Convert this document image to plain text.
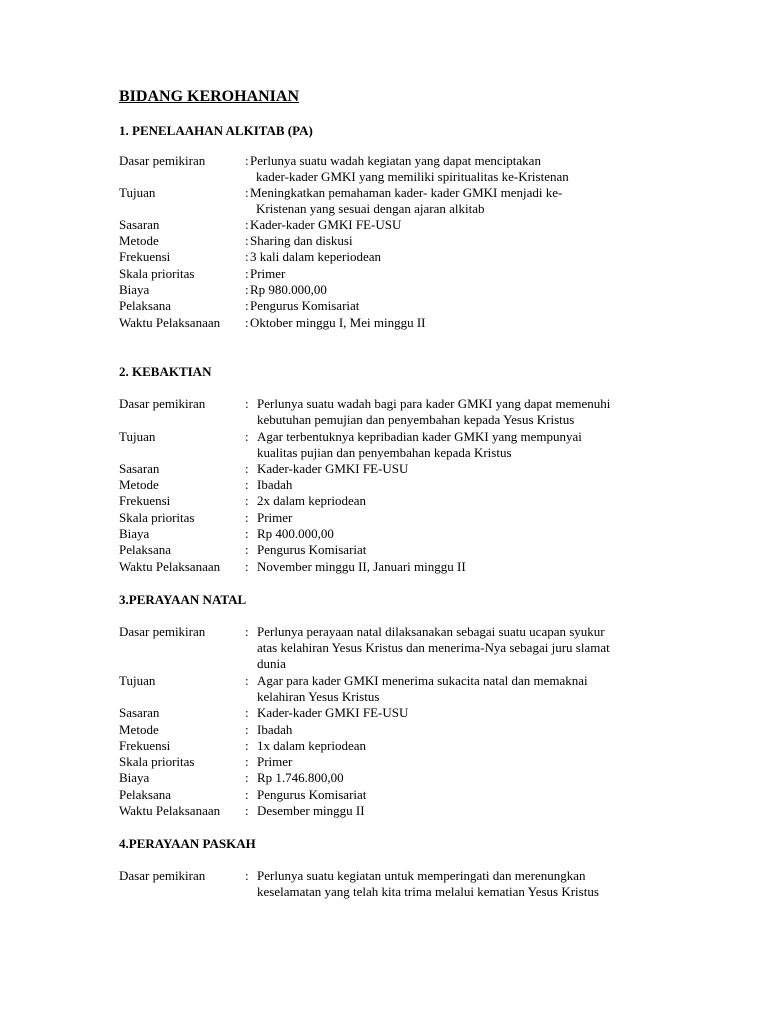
BIDANG KEROHANIAN
1. PENELAAHAN ALKITAB (PA)
Dasar pemikiran	: Perlunya suatu wadah kegiatan yang dapat menciptakan
kader-kader GMKI yang memiliki spiritualitas ke-Kristenan
Tujuan	: Meningkatkan pemahaman kader- kader GMKI menjadi ke-
Kristenan yang sesuai dengan ajaran alkitab
Sasaran	: Kader-kader GMKI FE-USU
Metode	: Sharing dan diskusi
Frekuensi	: 3 kali dalam keperiodean
Skala prioritas	: Primer
Biaya	: Rp 980.000,00
Pelaksana	: Pengurus Komisariat
Waktu Pelaksanaan : Oktober minggu I, Mei minggu II
2. KEBAKTIAN
Dasar pemikiran	: Perlunya suatu wadah bagi para kader GMKI yang dapat memenuhi
kebutuhan pemujian dan penyembahan kepada Yesus Kristus
Tujuan	: Agar terbentuknya kepribadian kader GMKI yang mempunyai
kualitas pujian dan penyembahan kepada Kristus
Sasaran	: Kader-kader GMKI FE-USU
Metode	: Ibadah
Frekuensi	: 2x dalam kepriodean
Skala prioritas	: Primer
Biaya	: Rp 400.000,00
Pelaksana	: Pengurus Komisariat
Waktu Pelaksanaan : November minggu II, Januari minggu II
3.PERAYAAN NATAL
Dasar pemikiran	: Perlunya perayaan natal dilaksanakan sebagai suatu ucapan syukur
atas kelahiran Yesus Kristus dan menerima-Nya sebagai juru slamat
dunia
Tujuan	: Agar para kader GMKI menerima sukacita natal dan memaknai
kelahiran Yesus Kristus
Sasaran	: Kader-kader GMKI FE-USU
Metode	: Ibadah
Frekuensi	: 1x dalam kepriodean
Skala prioritas	: Primer
Biaya	: Rp 1.746.800,00
Pelaksana	: Pengurus Komisariat
Waktu Pelaksanaan : Desember minggu II
4.PERAYAAN PASKAH
Dasar pemikiran	: Perlunya suatu kegiatan untuk memperingati dan merenungkan
keselamatan yang telah kita trima melalui kematian Yesus Kristus
